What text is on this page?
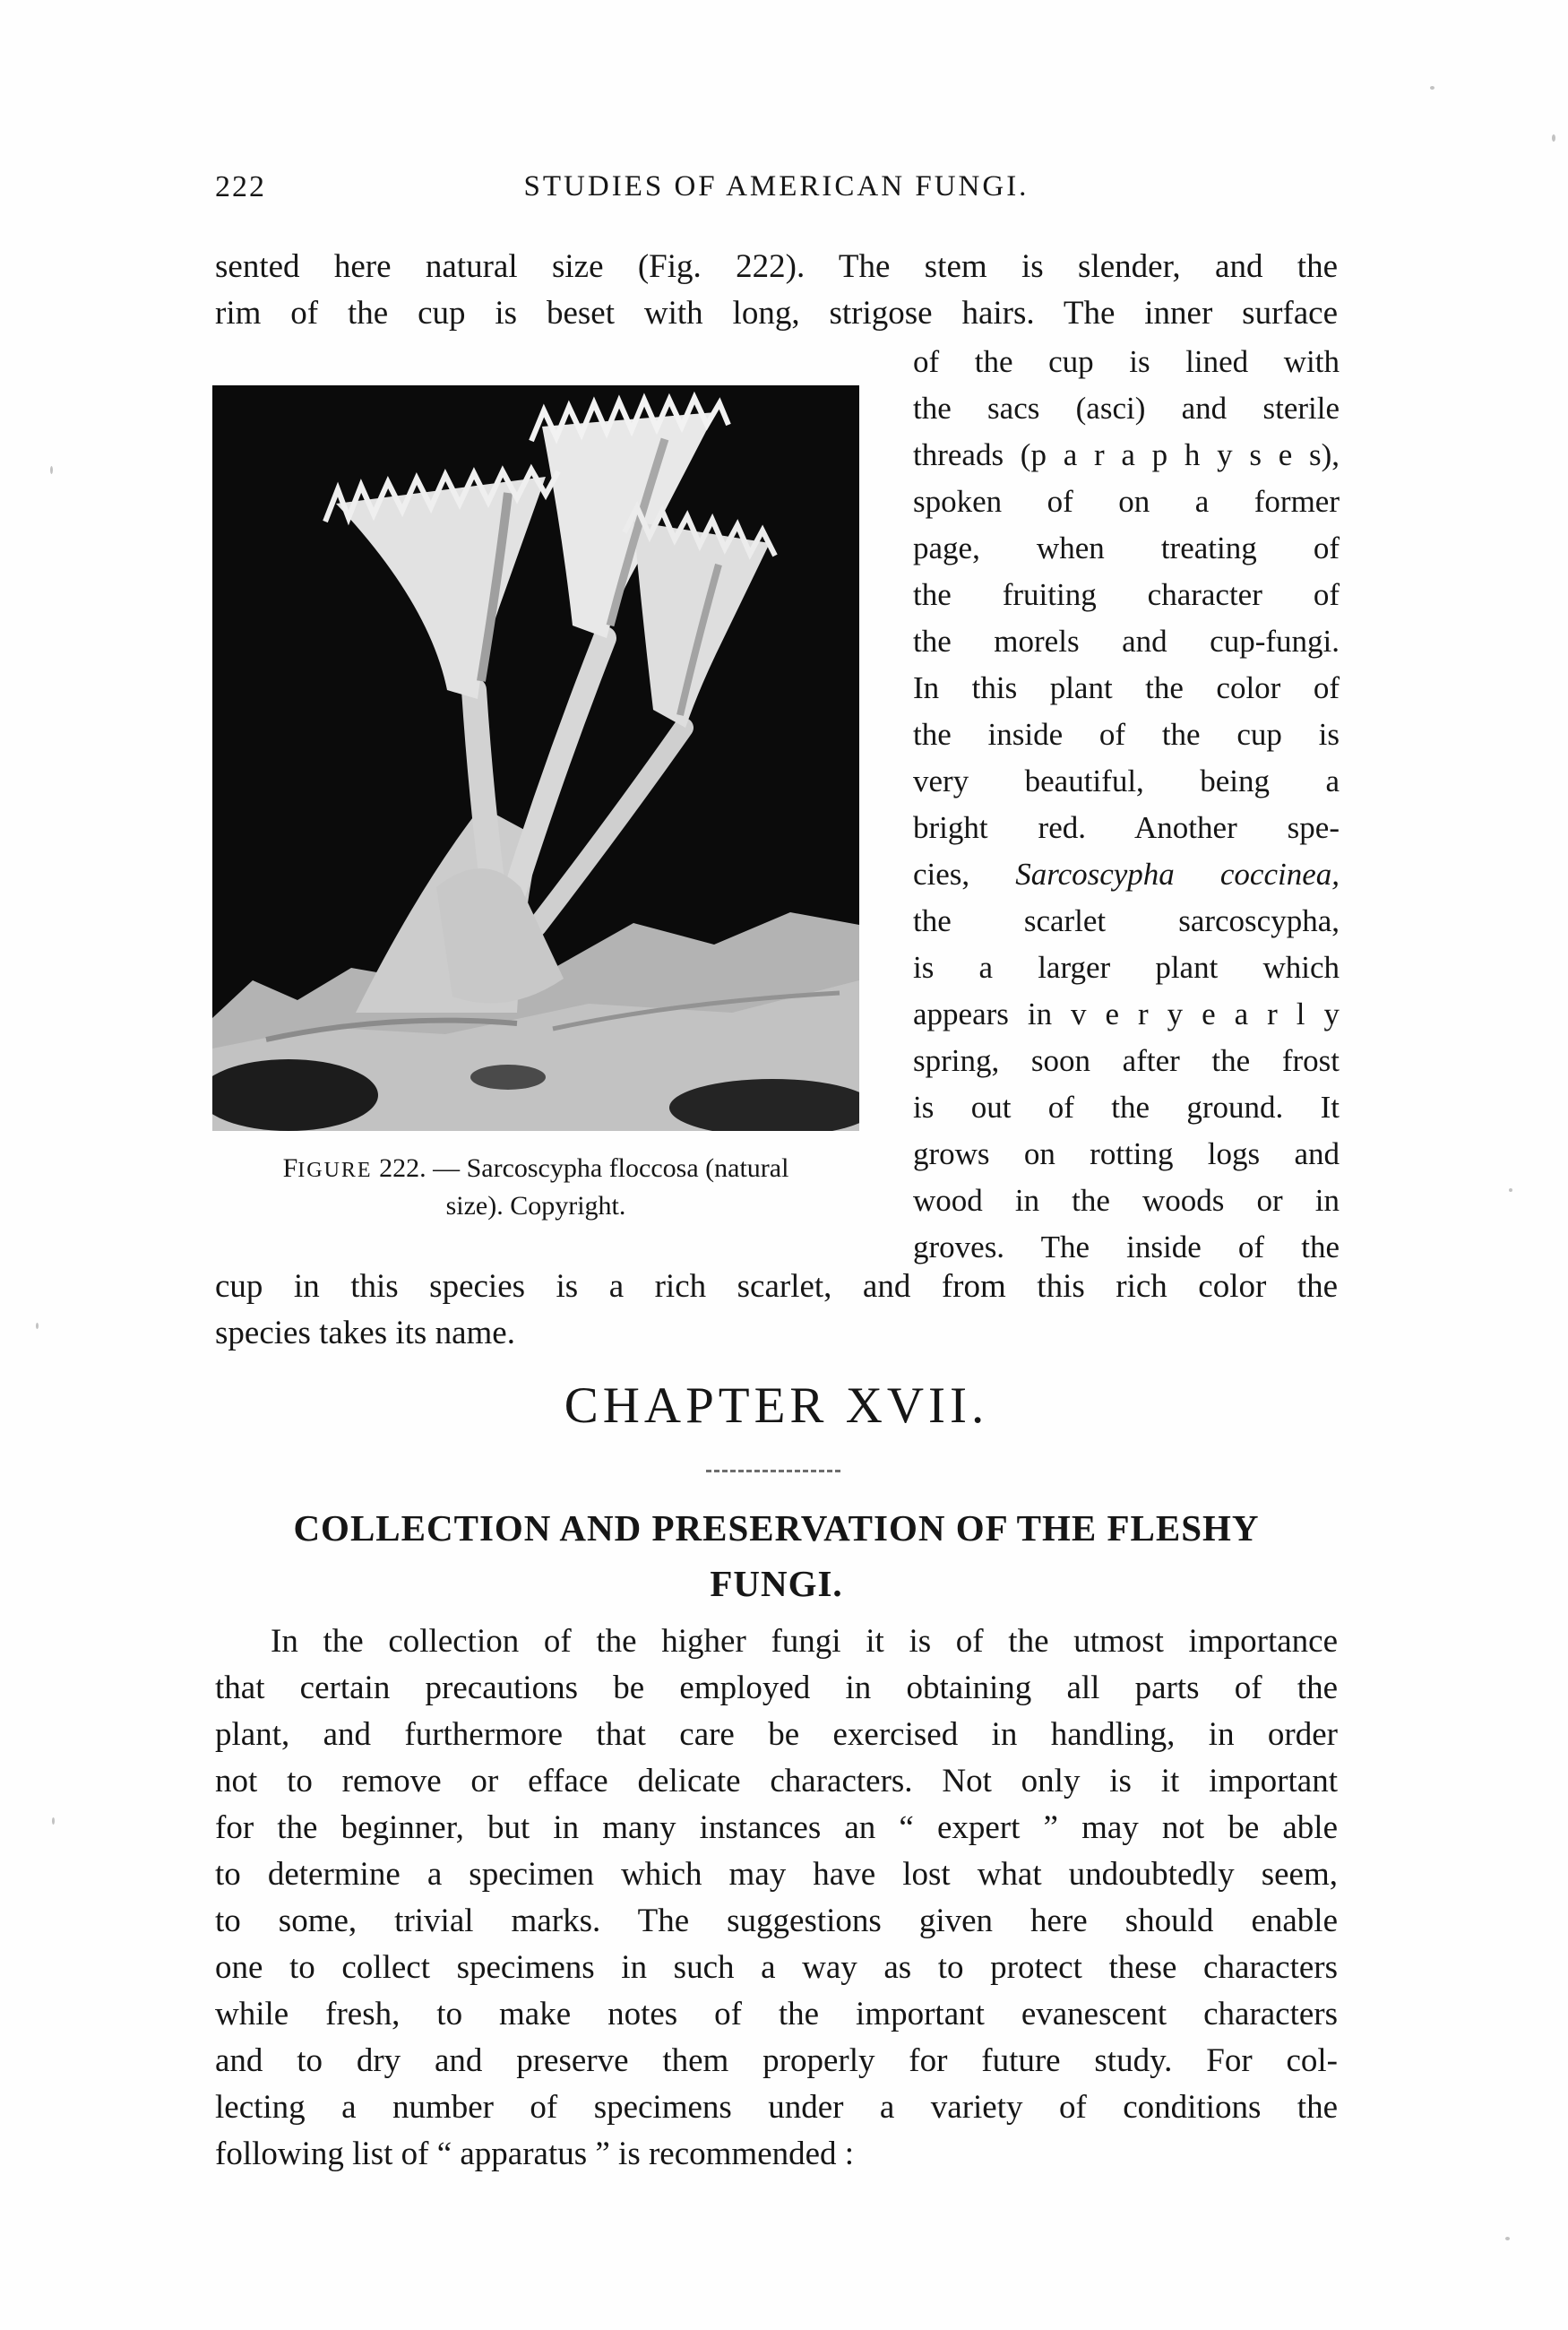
222	STUDIES OF AMERICAN FUNGI.
sented here natural size (Fig. 222). The stem is slender, and the
rim of the cup is beset with long, strigose hairs. The inner surface
FIGURE 222. — Sarcoscypha floccosa (natural
size). Copyright.
of the cup is lined with
the sacs (asci) and sterile
threads (p a r a p h y s e s),
spoken of on a former
page, when treating of
the fruiting character of
the morels and cup-fungi.
In this plant the color of
the inside of the cup is
very beautiful, being a
bright red. Another spe-
cies, Sarcoscypha coccinea,
the scarlet sarcoscypha,
is a larger plant which
appears in v e r y e a r l y
spring, soon after the frost
is out of the ground. It
grows on rotting logs and
wood in the woods or in
groves. The inside of the
cup in this species is a rich scarlet, and from this rich color the
species takes its name.
CHAPTER XVII.
COLLECTION AND PRESERVATION OF THE FLESHY
FUNGI.
In the collection of the higher fungi it is of the utmost importance
that certain precautions be employed in obtaining all parts of the
plant, and furthermore that care be exercised in handling, in order
not to remove or efface delicate characters. Not only is it important
for the beginner, but in many instances an “ expert ” may not be able
to determine a specimen which may have lost what undoubtedly seem,
to some, trivial marks. The suggestions given here should enable
one to collect specimens in such a way as to protect these characters
while fresh, to make notes of the important evanescent characters
and to dry and preserve them properly for future study. For col-
lecting a number of specimens under a variety of conditions the
following list of “ apparatus ” is recommended :
